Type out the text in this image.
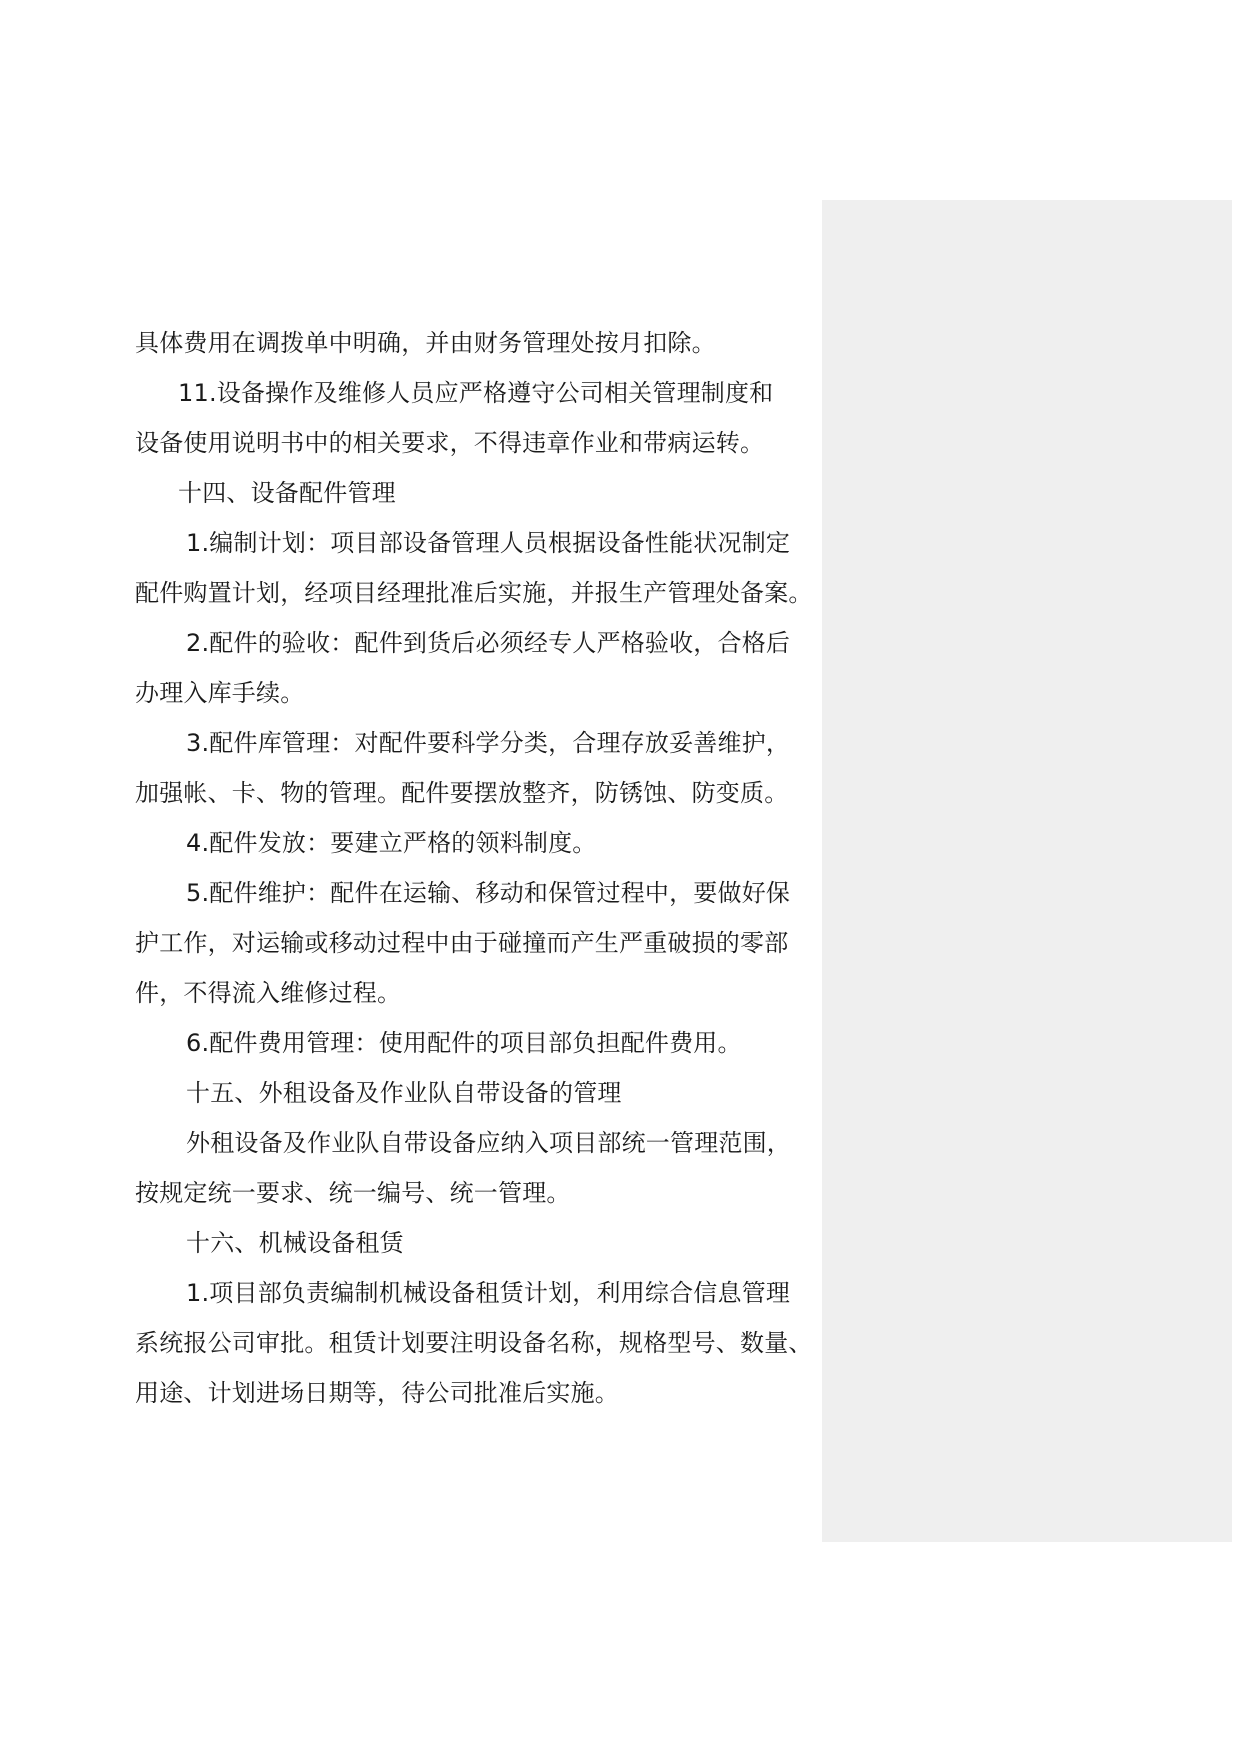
具体费用在调拨单中明确，并由财务管理处按月扣除。
11.设备操作及维修人员应严格遵守公司相关管理制度和
设备使用说明书中的相关要求，不得违章作业和带病运转。
十四、设备配件管理
1.编制计划：项目部设备管理人员根据设备性能状况制定
配件购置计划，经项目经理批准后实施，并报生产管理处备案。
2.配件的验收：配件到货后必须经专人严格验收，合格后
办理入库手续。
3.配件库管理：对配件要科学分类，合理存放妥善维护，
加强帐、卡、物的管理。配件要摆放整齐，防锈蚀、防变质。
4.配件发放：要建立严格的领料制度。
5.配件维护：配件在运输、移动和保管过程中，要做好保
护工作，对运输或移动过程中由于碰撞而产生严重破损的零部
件，不得流入维修过程。
6.配件费用管理：使用配件的项目部负担配件费用。
十五、外租设备及作业队自带设备的管理
外租设备及作业队自带设备应纳入项目部统一管理范围，
按规定统一要求、统一编号、统一管理。
十六、机械设备租赁
1.项目部负责编制机械设备租赁计划，利用综合信息管理
系统报公司审批。租赁计划要注明设备名称，规格型号、数量、
用途、计划进场日期等，待公司批准后实施。
